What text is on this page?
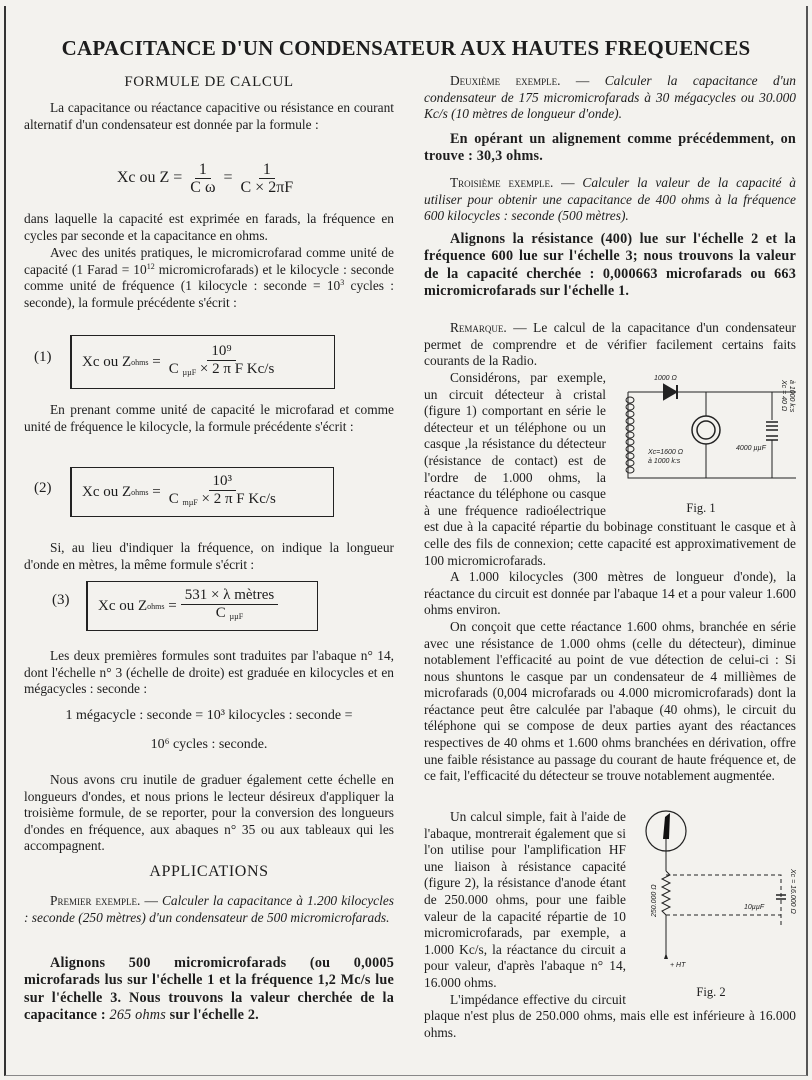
CAPACITANCE D'UN CONDENSATEUR AUX HAUTES FREQUENCES
FORMULE DE CALCUL
La capacitance ou réactance capacitive ou résistance en courant alternatif d'un condensateur est donnée par la formule :
Xc ou $Z = \frac{1}{\text{C ω}} = \frac{1}{C \times 2\pi F}$
dans laquelle la capacité est exprimée en farads, la fréquence en cycles par seconde et la capacitance en ohms.
Avec des unités pratiques, le micromicrofarad comme unité de capacité (1 Farad = $10^{12}$ micromicrofarads) et le kilocycle : seconde comme unité de fréquence (1 kilocycle : seconde = $10^3$ cycles : seconde), la formule précédente s'écrit :
(1) Xc ou Z ohms
=
10⁹
C $_{\mu\mu F}$ × 2 π F Kc/s
En prenant comme unité de capacité le microfarad et comme unité de fréquence le kilocycle, la formule précédente s'écrit :
(2) Xc ou Z ohms
=
10³
C $_{m\mu F}$ × 2 π F Kc/s
Si, au lieu d'indiquer la fréquence, on indique la longueur d'onde en mètres, la même formule s'écrit :
(3) Xc ou Z ohms
=
531 × λ mètres
C $_{\mu\mu F}$
Les deux premières formules sont traduites par l'abaque n° 14, dont l'échelle n° 3 (échelle de droite) est graduée en kilocycles et en mégacycles : seconde :
1 mégacycle : seconde = 10³ kilocycles : seconde =
10⁶ cycles : seconde.
Nous avons cru inutile de graduer également cette échelle en longueurs d'ondes, et nous prions le lecteur désireux d'appliquer la troisième formule, de se reporter, pour la conversion des longueurs d'ondes en fréquence, aux abaques n° 35 ou aux tableaux qui les accompagnent.
APPLICATIONS
Premier exemple. — Calculer la capacitance à 1.200 kilocycles : seconde (250 mètres) d'un condensateur de 500 micromicrofarads.
Alignons 500 micromicrofarads (ou 0,0005 microfarads lus sur l'échelle 1 et la fréquence 1,2 Mc/s lue sur l'échelle 3. Nous trouvons la valeur cherchée de la capacitance : 265 ohms sur l'échelle 2.
Deuxième exemple. — Calculer la capacitance d'un condensateur de 175 micromicrofarads à 30 mégacycles ou 30.000 Kc/s (10 mètres de longueur d'onde).
En opérant un alignement comme précédemment, on trouve : 30,3 ohms.
Troisième exemple. — Calculer la valeur de la capacité à utiliser pour obtenir une capacitance de 400 ohms à la fréquence 600 kilocycles : seconde (500 mètres).
Alignons la résistance (400) lue sur l'échelle 2 et la fréquence 600 lue sur l'échelle 3; nous trouvons la valeur de la capacité cherchée : 0,000663 microfarads ou 663 micromicrofarads sur l'échelle 1.
Remarque. — Le calcul de la capacitance d'un condensateur permet de comprendre et de vérifier facilement certains faits courants de la Radio.
1000 Ω
Xc=1600 Ω
à 1000 k:s
4000 µµF
Xc = 40 Ω à 1000 k:s
Fig. 1

Considérons, par exemple, un circuit détecteur à cristal (figure 1) comportant en série le détecteur et un téléphone ou un casque ,la résistance du détecteur (résistance de contact) est de l'ordre de 1.000 ohms, la réactance du téléphone ou casque à une fréquence radioélectrique est due à la capacité répartie du bobinage constituant le casque et à celle des fils de connexion; cette capacité est approximativement de 100 micromicrofarads.

A 1.000 kilocycles (300 mètres de longueur d'onde), la réactance du circuit est donnée par l'abaque 14 et a pour valeur 1.600 ohms environ.

On conçoit que cette réactance 1.600 ohms, branchée en série avec une résistance de 1.000 ohms (celle du détecteur), diminue notablement l'efficacité au point de vue détection de celui-ci : Si nous shuntons le casque par un condensateur de 4 millièmes de microfarads (0,004 microfarads ou 4.000 micromicrofarads) dont la réactance peut être calculée par l'abaque (40 ohms), le circuit du téléphone qui se compose de deux parties ayant des réactances respectives de 40 ohms et 1.600 ohms branchées en dérivation, offre une faible résistance au passage du courant de haute fréquence et, de ce fait, l'efficacité du détecteur se trouve notablement augmentée.

250.000 Ω	10µµF	Xc = 16.000 Ω
+ HT
Fig. 2

Un calcul simple, fait à l'aide de l'abaque, montrerait également que si l'on utilise pour l'amplification HF une liaison à résistance capacité (figure 2), la résistance d'anode étant de 250.000 ohms, pour une faible valeur de la capacité répartie de 10 micromicrofarads, par exemple, a 1.000 Kc/s, la réactance du circuit a pour valeur, d'après l'abaque n° 14, 16.000 ohms.

L'impédance effective du circuit plaque n'est plus de 250.000 ohms, mais elle est inférieure à 16.000 ohms.
